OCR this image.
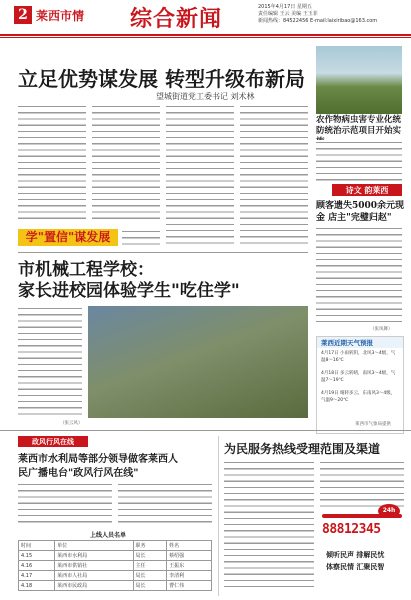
2 莱西市情 综合新闻	2015年4月17日 星期五
责任编辑 王云 美编 王玉菲
新闻热线：84522456 E-mail:laixiribao@163.com
立足优势谋发展 转型升级布新局
望城街道党工委书记 刘术林
学"置信"谋发展
农作物病虫害专业化统防统治示范项目开始实
诗文 韵莱西
顾客遗失5000余元现金 店主"完璧归赵"
（张凤舞）
市机械工程学校：
家长进校园体验学生"吃住学"
（张云风）
莱西近期天气预报
4月17日 小雨转阴，北风3～4级，气温8～16℃
4月18日 多云转晴，南风3～4级，气温7～19℃
4月19日 晴转多云，东南风3～4级，气温9～20℃
莱西市气象局提供
政风行风在线
莱西市水利局等部分领导做客莱西人
民广播电台"政风行风在线"
上线人员名单
时间	单位	职务	姓名
4.15	莱西市水利局	局长	蔡绍强
4.16	莱西市供销社	主任	王振东
4.17	莱西市人社局	局长	李清利
4.18	莱西市民政局	局长	曹仁伟
为民服务热线受理范围及渠道
88812345
24h
倾听民声 排解民忧
体察民情 汇聚民智
